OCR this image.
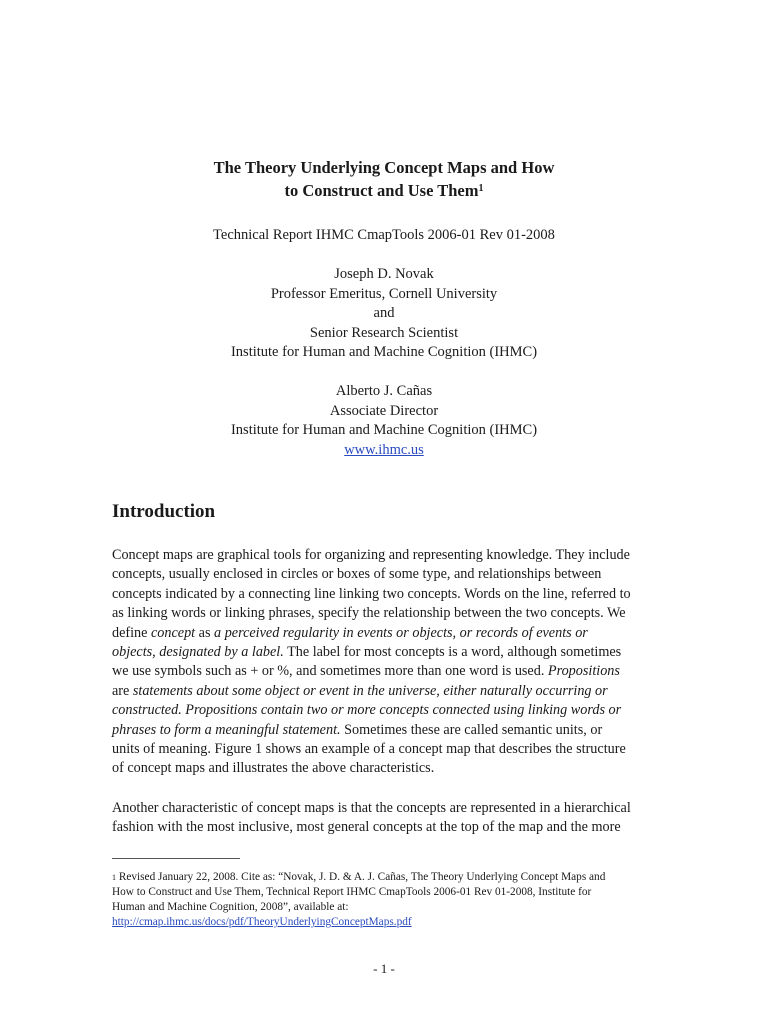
The Theory Underlying Concept Maps and How
to Construct and Use Them$^1$
Technical Report IHMC CmapTools 2006-01 Rev 01-2008
Joseph D. Novak
Professor Emeritus, Cornell University
and
Senior Research Scientist
Institute for Human and Machine Cognition (IHMC)
Alberto J. Cañas
Associate Director
Institute for Human and Machine Cognition (IHMC)
www.ihmc.us
Introduction
Concept maps are graphical tools for organizing and representing knowledge. They include
concepts, usually enclosed in circles or boxes of some type, and relationships between
concepts indicated by a connecting line linking two concepts. Words on the line, referred to
as linking words or linking phrases, specify the relationship between the two concepts. We
define concept as a perceived regularity in events or objects, or records of events or
objects, designated by a label. The label for most concepts is a word, although sometimes
we use symbols such as + or %, and sometimes more than one word is used. Propositions
are statements about some object or event in the universe, either naturally occurring or
constructed. Propositions contain two or more concepts connected using linking words or
phrases to form a meaningful statement. Sometimes these are called semantic units, or
units of meaning. Figure 1 shows an example of a concept map that describes the structure
of concept maps and illustrates the above characteristics.
Another characteristic of concept maps is that the concepts are represented in a hierarchical
fashion with the most inclusive, most general concepts at the top of the map and the more
$^1$ Revised January 22, 2008. Cite as: “Novak, J. D. & A. J. Cañas, The Theory Underlying Concept Maps and
How to Construct and Use Them, Technical Report IHMC CmapTools 2006-01 Rev 01-2008, Institute for
Human and Machine Cognition, 2008”, available at:
http://cmap.ihmc.us/docs/pdf/TheoryUnderlyingConceptMaps.pdf
- 1 -
